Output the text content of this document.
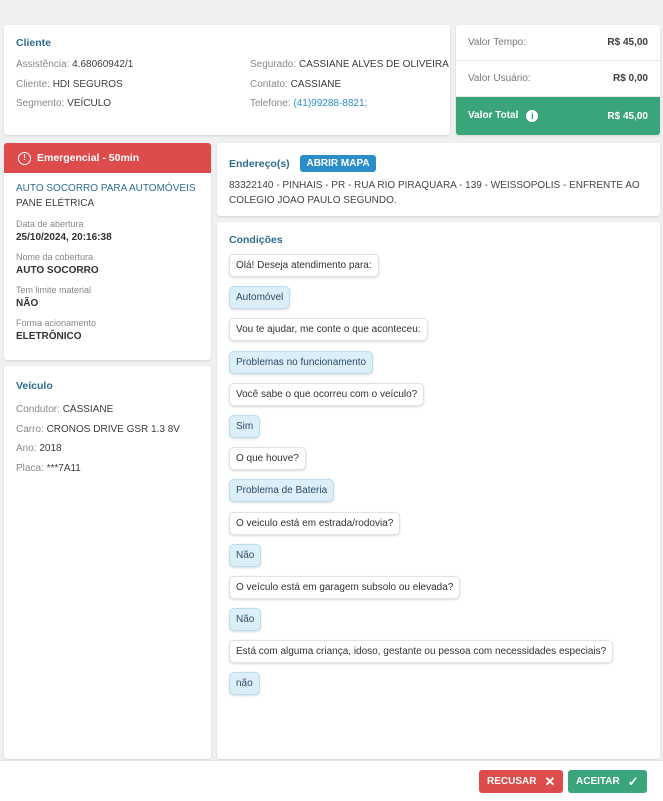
Cliente
Assistência: 4.68060942/1
Cliente: HDI SEGUROS
Segmento: VEÍCULO
Segurado: CASSIANE ALVES DE OLIVEIRA
Contato: CASSIANE
Telefone: (41)99288-8821;
Valor Tempo:	R$ 45,00
Valor Usuário:	R$ 0,00
Valor Total i	R$ 45,00
!	Emergencial - 50min
AUTO SOCORRO PARA AUTOMÓVEIS
PANE ELÉTRICA
Data de abertura
25/10/2024, 20:16:38
Nome da cobertura
AUTO SOCORRO
Tem limite material
NÃO
Forma acionamento
ELETRÔNICO
Veículo
Condutor: CASSIANE
Carro: CRONOS DRIVE GSR 1.3 8V
Ano: 2018
Placa: ***7A11
Endereço(s) ABRIR MAPA
83322140 - PINHAIS - PR - RUA RIO PIRAQUARA - 139 - WEISSOPOLIS - ENFRENTE AO
COLEGIO JOAO PAULO SEGUNDO.
Condições
Olá! Deseja atendimento para:
Automóvel
Vou te ajudar, me conte o que aconteceu:
Problemas no funcionamento
Você sabe o que ocorreu com o veículo?
Sim
O que houve?
Problema de Bateria
O veiculo está em estrada/rodovia?
Não
O veículo está em garagem subsolo ou elevada?
Não
Está com alguma criança, idoso, gestante ou pessoa com necessidades especiais?
não
RECUSAR ✕ ACEITAR ✓
